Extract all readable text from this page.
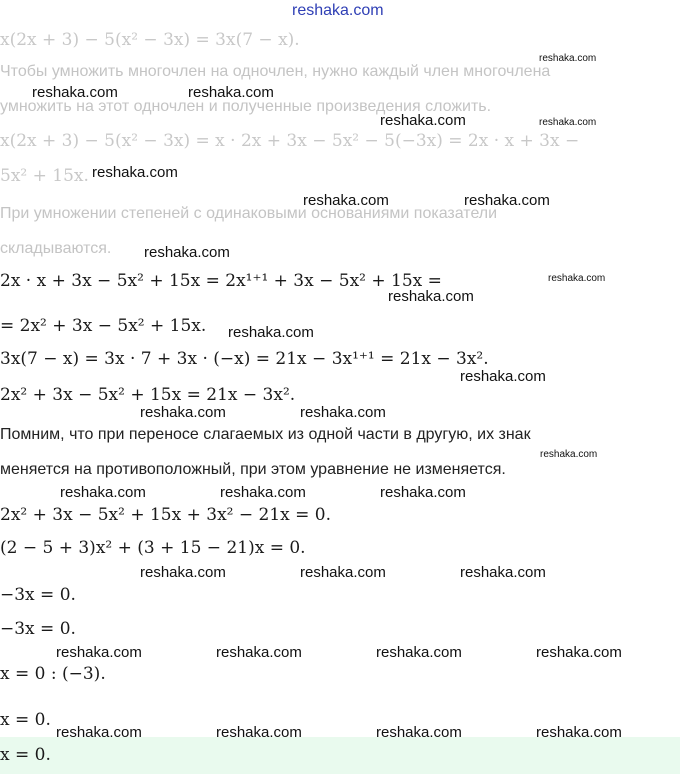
x(2x + 3) − 5(x² − 3x) = 3x(7 − x).
Чтобы умножить многочлен на одночлен, нужно каждый член многочлена
умножить на этот одночлен и полученные произведения сложить.
x(2x + 3) − 5(x² − 3x) = x · 2x + 3x − 5x² − 5(−3x) = 2x · x + 3x −
5x² + 15x.
При умножении степеней с одинаковыми основаниями показатели
складываются.
2x · x + 3x − 5x² + 15x = 2x¹⁺¹ + 3x − 5x² + 15x =
= 2x² + 3x − 5x² + 15x.
3x(7 − x) = 3x · 7 + 3x · (−x) = 21x − 3x¹⁺¹ = 21x − 3x².
2x² + 3x − 5x² + 15x = 21x − 3x².
Помним, что при переносе слагаемых из одной части в другую, их знак
меняется на противоположный, при этом уравнение не изменяется.
2x² + 3x − 5x² + 15x + 3x² − 21x = 0.
(2 − 5 + 3)x² + (3 + 15 − 21)x = 0.
−3x = 0.
−3x = 0.
x = 0 : (−3).
x = 0.
x = 0.
reshaka.com
reshaka.com
reshaka.com	reshaka.com
reshaka.com	reshaka.com
reshaka.com
reshaka.com	reshaka.com
reshaka.com
reshaka.com
reshaka.com
reshaka.com
reshaka.com
reshaka.com	reshaka.com
reshaka.com
reshaka.com	reshaka.com	reshaka.com
reshaka.com	reshaka.com	reshaka.com
reshaka.com	reshaka.com	reshaka.com	reshaka.com
reshaka.com	reshaka.com	reshaka.com	reshaka.com
